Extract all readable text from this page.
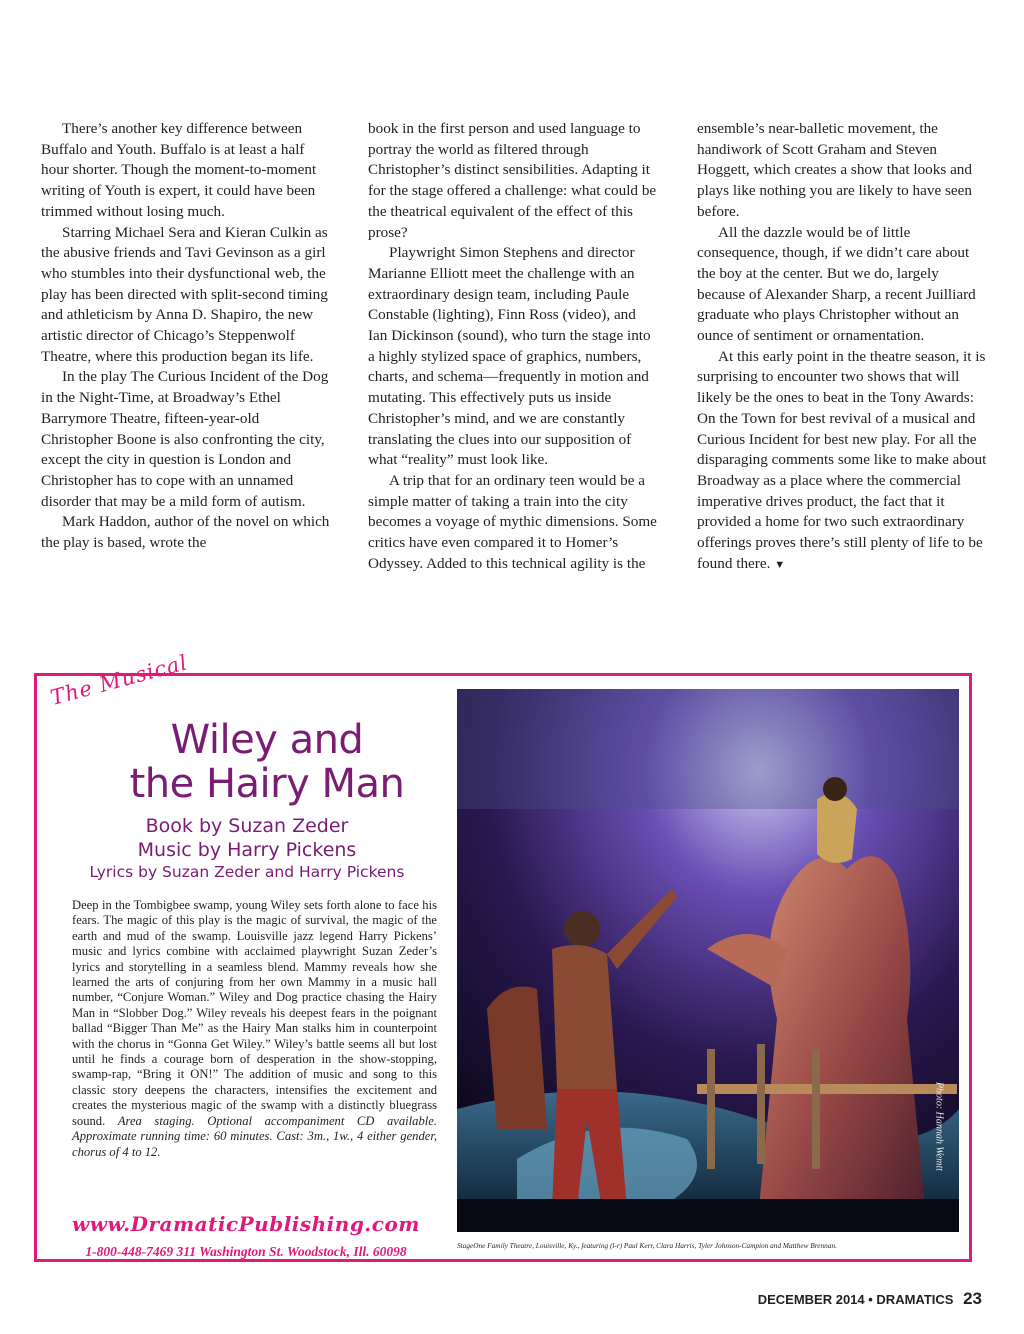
There’s another key difference between Buffalo and Youth. Buffalo is at least a half hour shorter. Though the moment-to-moment writing of Youth is expert, it could have been trimmed without losing much.

Starring Michael Sera and Kieran Culkin as the abusive friends and Tavi Gevinson as a girl who stumbles into their dysfunctional web, the play has been directed with split-second timing and athleticism by Anna D. Shapiro, the new artistic director of Chicago’s Steppenwolf Theatre, where this production began its life.

In the play The Curious Incident of the Dog in the Night-Time, at Broadway’s Ethel Barrymore Theatre, fifteen-year-old Christopher Boone is also confronting the city, except the city in question is London and Christopher has to cope with an unnamed disorder that may be a mild form of autism.

Mark Haddon, author of the novel on which the play is based, wrote the

book in the first person and used language to portray the world as filtered through Christopher’s distinct sensibilities. Adapting it for the stage offered a challenge: what could be the theatrical equivalent of the effect of this prose?

Playwright Simon Stephens and director Marianne Elliott meet the challenge with an extraordinary design team, including Paule Constable (lighting), Finn Ross (video), and Ian Dickinson (sound), who turn the stage into a highly stylized space of graphics, numbers, charts, and schema—frequently in motion and mutating. This effectively puts us inside Christopher’s mind, and we are constantly translating the clues into our supposition of what “reality” must look like.

A trip that for an ordinary teen would be a simple matter of taking a train into the city becomes a voyage of mythic dimensions. Some critics have even compared it to Homer’s Odyssey. Added to this technical agility is the

ensemble’s near-balletic movement, the handiwork of Scott Graham and Steven Hoggett, which creates a show that looks and plays like nothing you are likely to have seen before.

All the dazzle would be of little consequence, though, if we didn’t care about the boy at the center. But we do, largely because of Alexander Sharp, a recent Juilliard graduate who plays Christopher without an ounce of sentiment or ornamentation.

At this early point in the theatre season, it is surprising to encounter two shows that will likely be the ones to beat in the Tony Awards: On the Town for best revival of a musical and Curious Incident for best new play. For all the disparaging comments some like to make about Broadway as a place where the commercial imperative drives product, the fact that it provided a home for two such extraordinary offerings proves there’s still plenty of life to be found there. ▼

The Musical
Wiley and
the Hairy Man
Book by Suzan Zeder
Music by Harry Pickens
Lyrics by Suzan Zeder and Harry Pickens
Deep in the Tombigbee swamp, young Wiley sets forth alone to face his fears. The magic of this play is the magic of survival, the magic of the earth and mud of the swamp. Louisville jazz legend Harry Pickens’ music and lyrics combine with acclaimed playwright Suzan Zeder’s lyrics and storytelling in a seamless blend. Mammy reveals how she learned the arts of conjuring from her own Mammy in a music hall number, “Conjure Woman.” Wiley and Dog practice chasing the Hairy Man in “Slobber Dog.” Wiley reveals his deepest fears in the poignant ballad “Bigger Than Me” as the Hairy Man stalks him in counterpoint with the chorus in “Gonna Get Wiley.” Wiley’s battle seems all but lost until he finds a courage born of desperation in the show-stopping, swamp-rap, “Bring it ON!” The addition of music and song to this classic story deepens the characters, intensifies the excitement and creates the mysterious magic of the swamp with a distinctly bluegrass sound. Area staging. Optional accompaniment CD available. Approximate running time: 60 minutes. Cast: 3m., 1w., 4 either gender, chorus of 4 to 12.
www.DramaticPublishing.com
1-800-448-7469 311 Washington St. Woodstock, Ill. 60098
Photo: Hannah Wemtt
StageOne Family Theatre, Louisville, Ky., featuring (l-r) Paul Kerr, Clara Harris, Tyler Johnson-Campion and Matthew Brennan.
DECEMBER 2014 • DRAMATICS 23
